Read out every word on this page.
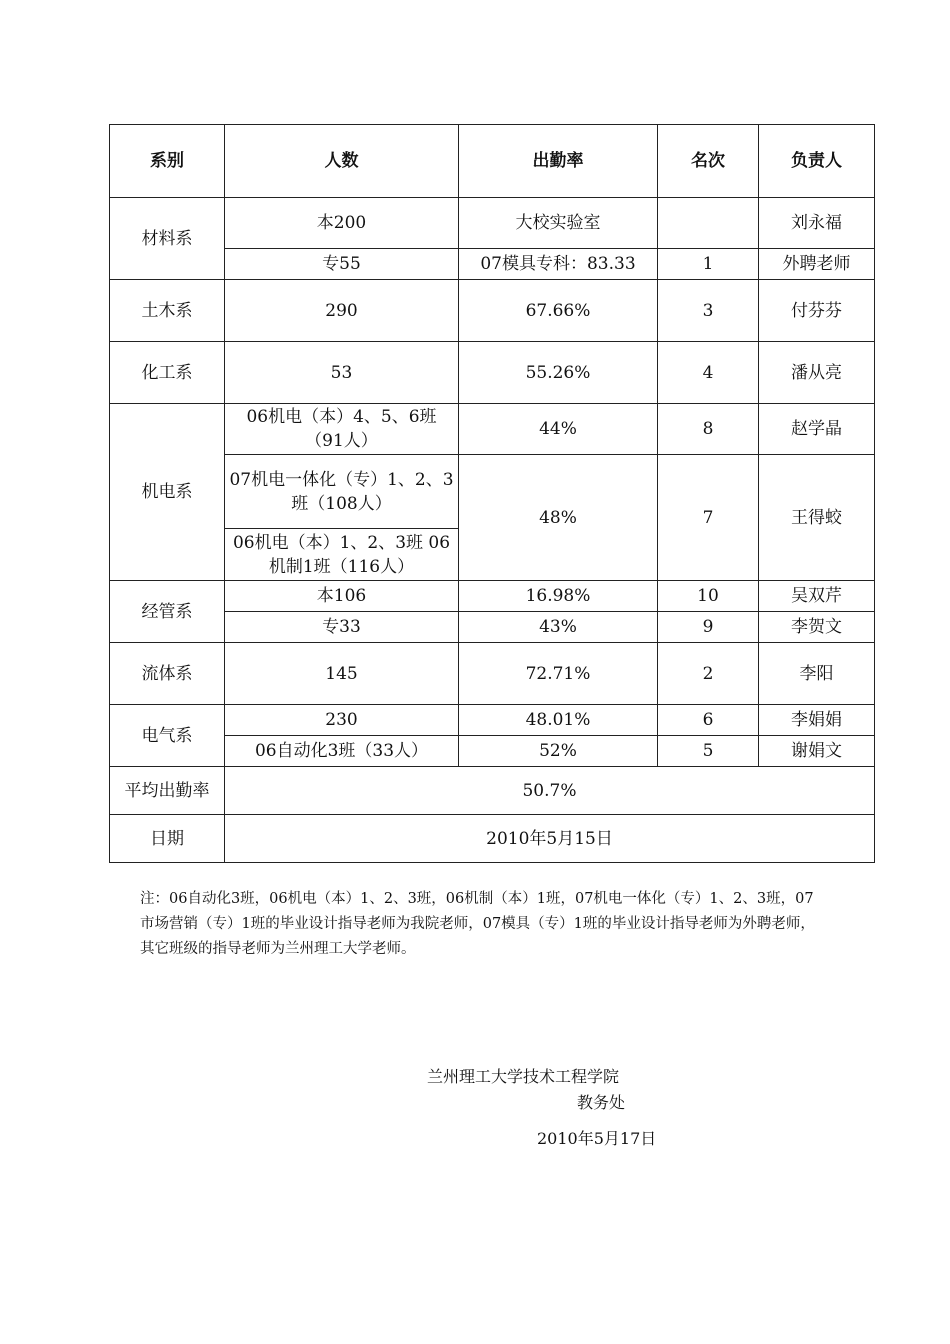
系别	人数	出勤率	名次	负责人
材料系	本200	大校实验室		刘永福
	专55	07模具专科：83.33	1	外聘老师
土木系	290	67.66%	3	付芬芬
化工系	53	55.26%	4	潘从亮
机电系	06机电（本）4、5、6班（91人）	44%	8	赵学晶
	07机电一体化（专）1、2、3班（108人）	48%	7	王得蛟
	06机电（本）1、2、3班 06机制1班（116人）			
经管系	本106	16.98%	10	吴双芹
	专33	43%	9	李贺文
流体系	145	72.71%	2	李阳
电气系	230	48.01%	6	李娟娟
	06自动化3班（33人）	52%	5	谢娟文
平均出勤率	50.7%			
日期	2010年5月15日			
注：06自动化3班，06机电（本）1、2、3班，06机制（本）1班，07机电一体化（专）1、2、3班，07市场营销（专）1班的毕业设计指导老师为我院老师，07模具（专）1班的毕业设计指导老师为外聘老师，其它班级的指导老师为兰州理工大学老师。
兰州理工大学技术工程学院
教务处
2010年5月17日
